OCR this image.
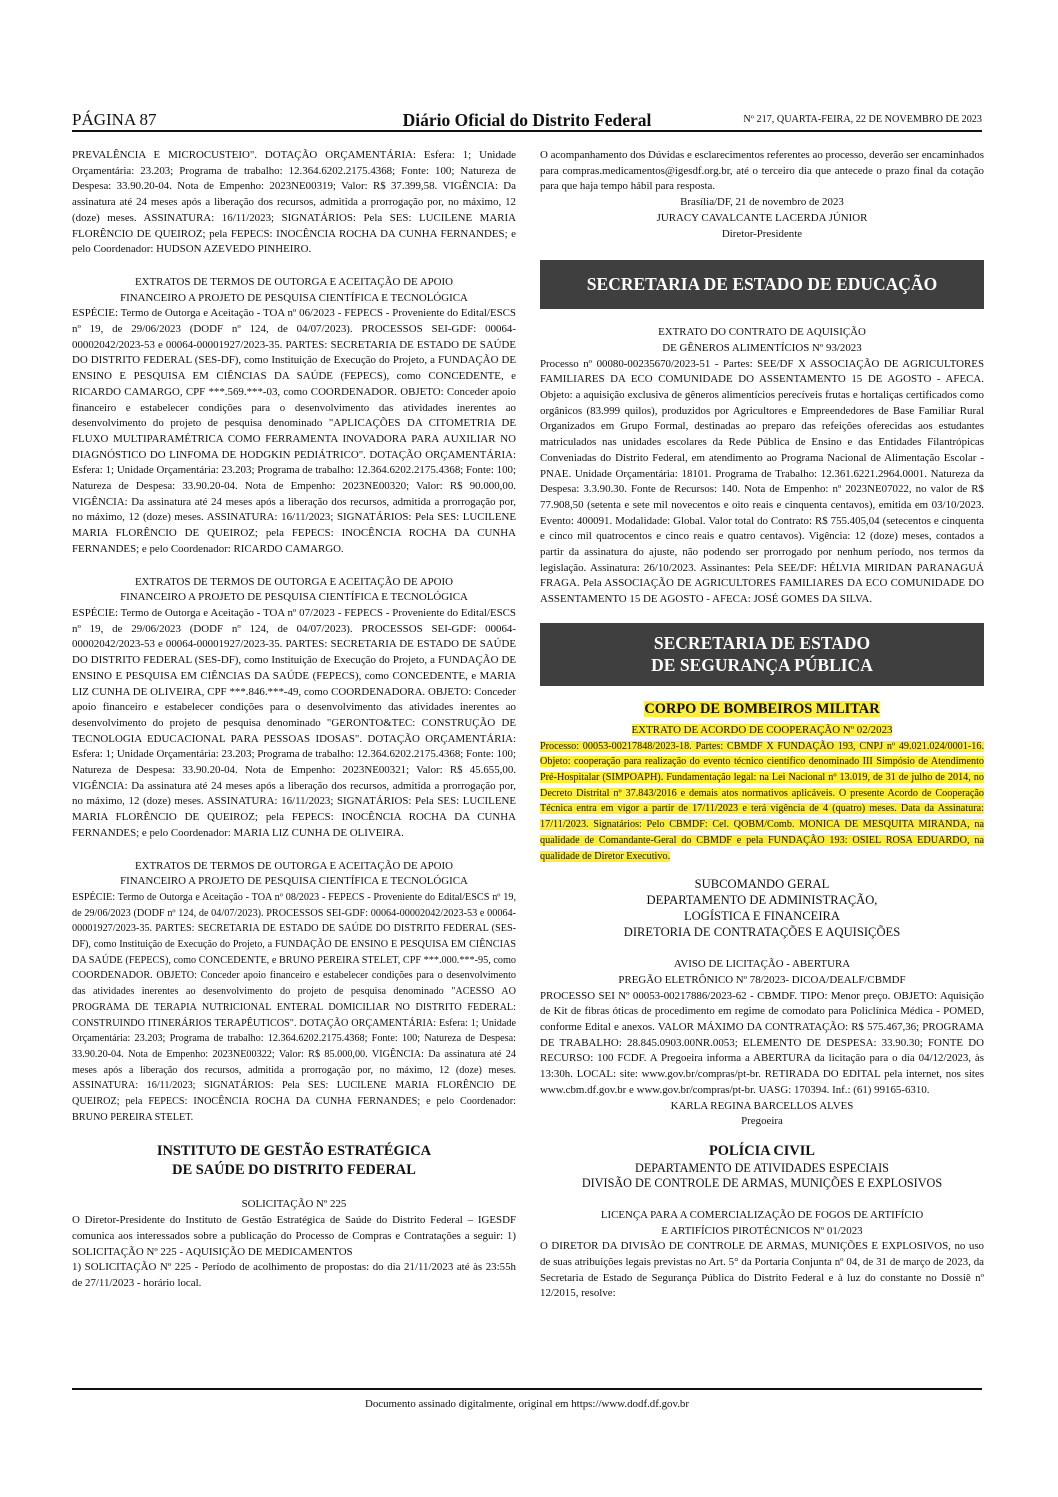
PÁGINA 87	Diário Oficial do Distrito Federal	Nº 217, QUARTA-FEIRA, 22 DE NOVEMBRO DE 2023

PREVALÊNCIA E MICROCUSTEIO". DOTAÇÃO ORÇAMENTÁRIA: Esfera: 1; Unidade Orçamentária: 23.203; Programa de trabalho: 12.364.6202.2175.4368; Fonte: 100; Natureza de Despesa: 33.90.20-04. Nota de Empenho: 2023NE00319; Valor: R$ 37.399,58. VIGÊNCIA: Da assinatura até 24 meses após a liberação dos recursos, admitida a prorrogação por, no máximo, 12 (doze) meses. ASSINATURA: 16/11/2023; SIGNATÁRIOS: Pela SES: LUCILENE MARIA FLORÊNCIO DE QUEIROZ; pela FEPECS: INOCÊNCIA ROCHA DA CUNHA FERNANDES; e pelo Coordenador: HUDSON AZEVEDO PINHEIRO.

EXTRATOS DE TERMOS DE OUTORGA E ACEITAÇÃO DE APOIO
FINANCEIRO A PROJETO DE PESQUISA CIENTÍFICA E TECNOLÓGICA

ESPÉCIE: Termo de Outorga e Aceitação - TOA nº 06/2023 - FEPECS - Proveniente do Edital/ESCS nº 19, de 29/06/2023 (DODF nº 124, de 04/07/2023). PROCESSOS SEI-GDF: 00064-00002042/2023-53 e 00064-00001927/2023-35. PARTES: SECRETARIA DE ESTADO DE SAÚDE DO DISTRITO FEDERAL (SES-DF), como Instituição de Execução do Projeto, a FUNDAÇÃO DE ENSINO E PESQUISA EM CIÊNCIAS DA SAÚDE (FEPECS), como CONCEDENTE, e RICARDO CAMARGO, CPF ***.569.***-03, como COORDENADOR. OBJETO: Conceder apoio financeiro e estabelecer condições para o desenvolvimento das atividades inerentes ao desenvolvimento do projeto de pesquisa denominado "APLICAÇÕES DA CITOMETRIA DE FLUXO MULTIPARAMÉTRICA COMO FERRAMENTA INOVADORA PARA AUXILIAR NO DIAGNÓSTICO DO LINFOMA DE HODGKIN PEDIÁTRICO". DOTAÇÃO ORÇAMENTÁRIA: Esfera: 1; Unidade Orçamentária: 23.203; Programa de trabalho: 12.364.6202.2175.4368; Fonte: 100; Natureza de Despesa: 33.90.20-04. Nota de Empenho: 2023NE00320; Valor: R$ 90.000,00. VIGÊNCIA: Da assinatura até 24 meses após a liberação dos recursos, admitida a prorrogação por, no máximo, 12 (doze) meses. ASSINATURA: 16/11/2023; SIGNATÁRIOS: Pela SES: LUCILENE MARIA FLORÊNCIO DE QUEIROZ; pela FEPECS: INOCÊNCIA ROCHA DA CUNHA FERNANDES; e pelo Coordenador: RICARDO CAMARGO.

EXTRATOS DE TERMOS DE OUTORGA E ACEITAÇÃO DE APOIO
FINANCEIRO A PROJETO DE PESQUISA CIENTÍFICA E TECNOLÓGICA

ESPÉCIE: Termo de Outorga e Aceitação - TOA nº 07/2023 - FEPECS - Proveniente do Edital/ESCS nº 19, de 29/06/2023 (DODF nº 124, de 04/07/2023). PROCESSOS SEI-GDF: 00064-00002042/2023-53 e 00064-00001927/2023-35. PARTES: SECRETARIA DE ESTADO DE SAÚDE DO DISTRITO FEDERAL (SES-DF), como Instituição de Execução do Projeto, a FUNDAÇÃO DE ENSINO E PESQUISA EM CIÊNCIAS DA SAÚDE (FEPECS), como CONCEDENTE, e MARIA LIZ CUNHA DE OLIVEIRA, CPF ***.846.***-49, como COORDENADORA. OBJETO: Conceder apoio financeiro e estabelecer condições para o desenvolvimento das atividades inerentes ao desenvolvimento do projeto de pesquisa denominado "GERONTO&TEC: CONSTRUÇÃO DE TECNOLOGIA EDUCACIONAL PARA PESSOAS IDOSAS". DOTAÇÃO ORÇAMENTÁRIA: Esfera: 1; Unidade Orçamentária: 23.203; Programa de trabalho: 12.364.6202.2175.4368; Fonte: 100; Natureza de Despesa: 33.90.20-04. Nota de Empenho: 2023NE00321; Valor: R$ 45.655,00. VIGÊNCIA: Da assinatura até 24 meses após a liberação dos recursos, admitida a prorrogação por, no máximo, 12 (doze) meses. ASSINATURA: 16/11/2023; SIGNATÁRIOS: Pela SES: LUCILENE MARIA FLORÊNCIO DE QUEIROZ; pela FEPECS: INOCÊNCIA ROCHA DA CUNHA FERNANDES; e pelo Coordenador: MARIA LIZ CUNHA DE OLIVEIRA.

EXTRATOS DE TERMOS DE OUTORGA E ACEITAÇÃO DE APOIO
FINANCEIRO A PROJETO DE PESQUISA CIENTÍFICA E TECNOLÓGICA

ESPÉCIE: Termo de Outorga e Aceitação - TOA nº 08/2023 - FEPECS - Proveniente do Edital/ESCS nº 19, de 29/06/2023 (DODF nº 124, de 04/07/2023). PROCESSOS SEI-GDF: 00064-00002042/2023-53 e 00064-00001927/2023-35. PARTES: SECRETARIA DE ESTADO DE SAÚDE DO DISTRITO FEDERAL (SES-DF), como Instituição de Execução do Projeto, a FUNDAÇÃO DE ENSINO E PESQUISA EM CIÊNCIAS DA SAÚDE (FEPECS), como CONCEDENTE, e BRUNO PEREIRA STELET, CPF ***.000.***-95, como COORDENADOR. OBJETO: Conceder apoio financeiro e estabelecer condições para o desenvolvimento das atividades inerentes ao desenvolvimento do projeto de pesquisa denominado "ACESSO AO PROGRAMA DE TERAPIA NUTRICIONAL ENTERAL DOMICILIAR NO DISTRITO FEDERAL: CONSTRUINDO ITINERÁRIOS TERAPÊUTICOS". DOTAÇÃO ORÇAMENTÁRIA: Esfera: 1; Unidade Orçamentária: 23.203; Programa de trabalho: 12.364.6202.2175.4368; Fonte: 100; Natureza de Despesa: 33.90.20-04. Nota de Empenho: 2023NE00322; Valor: R$ 85.000,00. VIGÊNCIA: Da assinatura até 24 meses após a liberação dos recursos, admitida a prorrogação por, no máximo, 12 (doze) meses. ASSINATURA: 16/11/2023; SIGNATÁRIOS: Pela SES: LUCILENE MARIA FLORÊNCIO DE QUEIROZ; pela FEPECS: INOCÊNCIA ROCHA DA CUNHA FERNANDES; e pelo Coordenador: BRUNO PEREIRA STELET.

INSTITUTO DE GESTÃO ESTRATÉGICA
DE SAÚDE DO DISTRITO FEDERAL
SOLICITAÇÃO Nº 225

O Diretor-Presidente do Instituto de Gestão Estratégica de Saúde do Distrito Federal – IGESDF comunica aos interessados sobre a publicação do Processo de Compras e Contratações a seguir: 1) SOLICITAÇÃO Nº 225 - AQUISIÇÃO DE MEDICAMENTOS

1) SOLICITAÇÃO Nº 225 - Período de acolhimento de propostas: do dia 21/11/2023 até às 23:55h de 27/11/2023 - horário local.

O acompanhamento dos Dúvidas e esclarecimentos referentes ao processo, deverão ser encaminhados para compras.medicamentos@igesdf.org.br, até o terceiro dia que antecede o prazo final da cotação para que haja tempo hábil para resposta.

Brasília/DF, 21 de novembro de 2023
JURACY CAVALCANTE LACERDA JÚNIOR
Diretor-Presidente
SECRETARIA DE ESTADO DE EDUCAÇÃO
EXTRATO DO CONTRATO DE AQUISIÇÃO
DE GÊNEROS ALIMENTÍCIOS Nº 93/2023

Processo nº 00080-00235670/2023-51 - Partes: SEE/DF X ASSOCIAÇÃO DE AGRICULTORES FAMILIARES DA ECO COMUNIDADE DO ASSENTAMENTO 15 DE AGOSTO - AFECA. Objeto: a aquisição exclusiva de gêneros alimentícios perecíveis frutas e hortaliças certificados como orgânicos (83.999 quilos), produzidos por Agricultores e Empreendedores de Base Familiar Rural Organizados em Grupo Formal, destinadas ao preparo das refeições oferecidas aos estudantes matriculados nas unidades escolares da Rede Pública de Ensino e das Entidades Filantrópicas Conveniadas do Distrito Federal, em atendimento ao Programa Nacional de Alimentação Escolar - PNAE. Unidade Orçamentária: 18101. Programa de Trabalho: 12.361.6221.2964.0001. Natureza da Despesa: 3.3.90.30. Fonte de Recursos: 140. Nota de Empenho: nº 2023NE07022, no valor de R$ 77.908,50 (setenta e sete mil novecentos e oito reais e cinquenta centavos), emitida em 03/10/2023. Evento: 400091. Modalidade: Global. Valor total do Contrato: R$ 755.405,04 (setecentos e cinquenta e cinco mil quatrocentos e cinco reais e quatro centavos). Vigência: 12 (doze) meses, contados a partir da assinatura do ajuste, não podendo ser prorrogado por nenhum período, nos termos da legislação. Assinatura: 26/10/2023. Assinantes: Pela SEE/DF: HÉLVIA MIRIDAN PARANAGUÁ FRAGA. Pela ASSOCIAÇÃO DE AGRICULTORES FAMILIARES DA ECO COMUNIDADE DO ASSENTAMENTO 15 DE AGOSTO - AFECA: JOSÉ GOMES DA SILVA.

SECRETARIA DE ESTADO
DE SEGURANÇA PÚBLICA
CORPO DE BOMBEIROS MILITAR
EXTRATO DE ACORDO DE COOPERAÇÃO Nº 02/2023

Processo: 00053-00217848/2023-18. Partes: CBMDF X FUNDAÇÃO 193, CNPJ nº 49.021.024/0001-16. Objeto: cooperação para realização do evento técnico científico denominado III Simpósio de Atendimento Pré-Hospitalar (SIMPOAPH). Fundamentação legal: na Lei Nacional nº 13.019, de 31 de julho de 2014, no Decreto Distrital nº 37.843/2016 e demais atos normativos aplicáveis. O presente Acordo de Cooperação Técnica entra em vigor a partir de 17/11/2023 e terá vigência de 4 (quatro) meses. Data da Assinatura: 17/11/2023. Signatários: Pelo CBMDF: Cel. QOBM/Comb. MONICA DE MESQUITA MIRANDA, na qualidade de Comandante-Geral do CBMDF e pela FUNDAÇÃO 193: OSIEL ROSA EDUARDO, na qualidade de Diretor Executivo.

SUBCOMANDO GERAL
DEPARTAMENTO DE ADMINISTRAÇÃO,
LOGÍSTICA E FINANCEIRA
DIRETORIA DE CONTRATAÇÕES E AQUISIÇÕES
AVISO DE LICITAÇÃO - ABERTURA
PREGÃO ELETRÔNICO Nº 78/2023- DICOA/DEALF/CBMDF

PROCESSO SEI Nº 00053-00217886/2023-62 - CBMDF. TIPO: Menor preço. OBJETO: Aquisição de Kit de fibras óticas de procedimento em regime de comodato para Policlínica Médica - POMED, conforme Edital e anexos. VALOR MÁXIMO DA CONTRATAÇÃO: R$ 575.467,36; PROGRAMA DE TRABALHO: 28.845.0903.00NR.0053; ELEMENTO DE DESPESA: 33.90.30; FONTE DO RECURSO: 100 FCDF. A Pregoeira informa a ABERTURA da licitação para o dia 04/12/2023, às 13:30h. LOCAL: site: www.gov.br/compras/pt-br. RETIRADA DO EDITAL pela internet, nos sites www.cbm.df.gov.br e www.gov.br/compras/pt-br. UASG: 170394. Inf.: (61) 99165-6310.

KARLA REGINA BARCELLOS ALVES
Pregoeira
POLÍCIA CIVIL
DEPARTAMENTO DE ATIVIDADES ESPECIAIS
DIVISÃO DE CONTROLE DE ARMAS, MUNIÇÕES E EXPLOSIVOS
LICENÇA PARA A COMERCIALIZAÇÃO DE FOGOS DE ARTIFÍCIO
E ARTIFÍCIOS PIROTÉCNICOS Nº 01/2023

O DIRETOR DA DIVISÃO DE CONTROLE DE ARMAS, MUNIÇÕES E EXPLOSIVOS, no uso de suas atribuições legais previstas no Art. 5° da Portaria Conjunta nº 04, de 31 de março de 2023, da Secretaria de Estado de Segurança Pública do Distrito Federal e à luz do constante no Dossiê nº 12/2015, resolve:

Documento assinado digitalmente, original em https://www.dodf.df.gov.br
